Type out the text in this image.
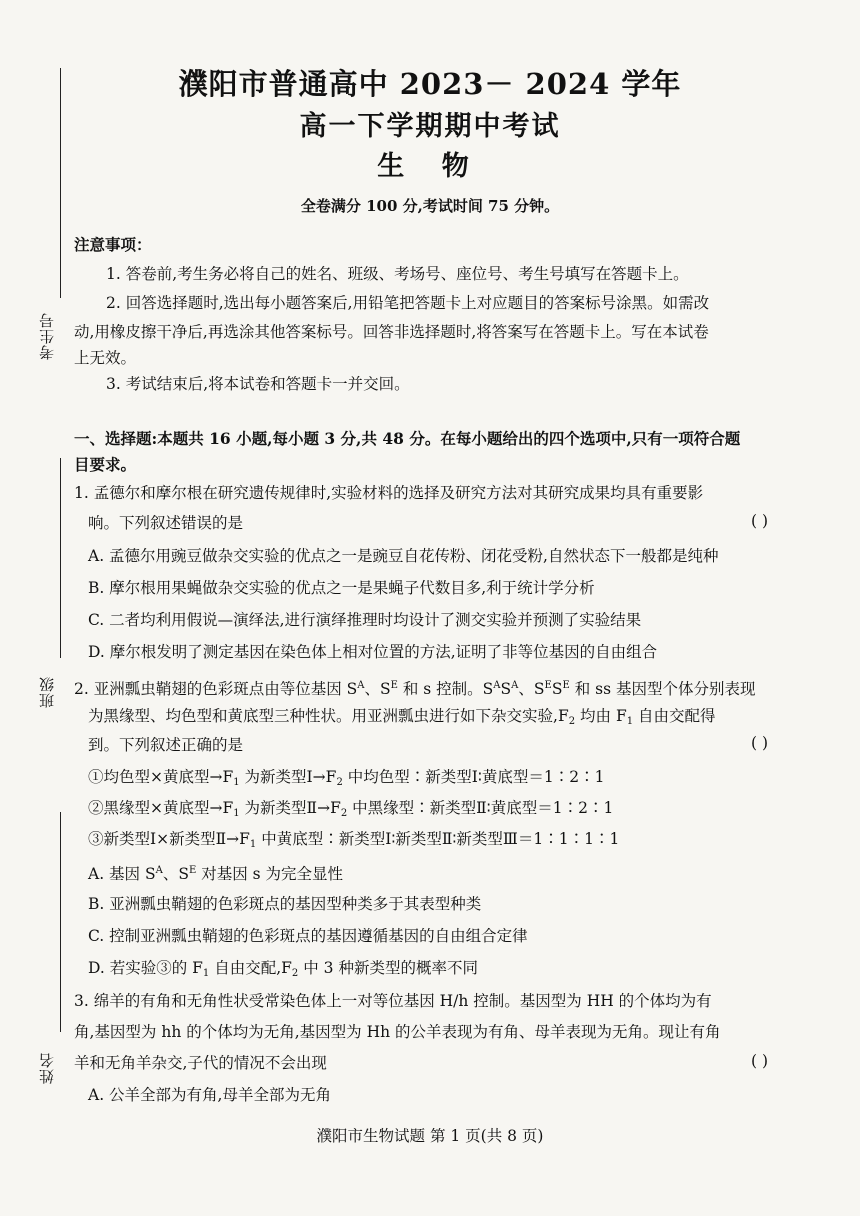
考生号
班级
姓名
濮阳市普通高中 2023－ 2024 学年
高一下学期期中考试
生 物
全卷满分 100 分,考试时间 75 分钟。
注意事项：
1. 答卷前,考生务必将自己的姓名、班级、考场号、座位号、考生号填写在答题卡上。
2. 回答选择题时,选出每小题答案后,用铅笔把答题卡上对应题目的答案标号涂黑。如需改
动,用橡皮擦干净后,再选涂其他答案标号。回答非选择题时,将答案写在答题卡上。写在本试卷
上无效。
3. 考试结束后,将本试卷和答题卡一并交回。
一、选择题:本题共 16 小题,每小题 3 分,共 48 分。在每小题给出的四个选项中,只有一项符合题
目要求。
1. 孟德尔和摩尔根在研究遗传规律时,实验材料的选择及研究方法对其研究成果均具有重要影
响。下列叙述错误的是	( )
A. 孟德尔用豌豆做杂交实验的优点之一是豌豆自花传粉、闭花受粉,自然状态下一般都是纯种
B. 摩尔根用果蝇做杂交实验的优点之一是果蝇子代数目多,利于统计学分析
C. 二者均利用假说—演绎法,进行演绎推理时均设计了测交实验并预测了实验结果
D. 摩尔根发明了测定基因在染色体上相对位置的方法,证明了非等位基因的自由组合
2. 亚洲瓢虫鞘翅的色彩斑点由等位基因 $S^A$、$S^E$ 和 s 控制。$S^AS^A$、$S^ES^E$ 和 ss 基因型个体分别表现
为黑缘型、均色型和黄底型三种性状。用亚洲瓢虫进行如下杂交实验$,F_2$ 均由 $F_1$ 自由交配得
到。下列叙述正确的是	( )
①均色型×黄底型$\to F_1$ 为新类型$Ⅰ\to F_2$ 中均色型∶新类型Ⅰ∶黄底型＝1∶2∶1
②黑缘型×黄底型$\to F_1$ 为新类型$Ⅱ\to F_2$ 中黑缘型∶新类型Ⅱ∶黄底型＝1∶2∶1
③新类型Ⅰ×新类型$Ⅱ\to F_1$ 中黄底型∶新类型Ⅰ∶新类型Ⅱ∶新类型Ⅲ＝1∶1∶1∶1
A. 基因 $S^A$、$S^E$ 对基因 s 为完全显性
B. 亚洲瓢虫鞘翅的色彩斑点的基因型种类多于其表型种类
C. 控制亚洲瓢虫鞘翅的色彩斑点的基因遵循基因的自由组合定律
D. 若实验③的 $F_1$ 自由交配$,F_2$ 中 3 种新类型的概率不同
3. 绵羊的有角和无角性状受常染色体上一对等位基因 H/h 控制。基因型为 HH 的个体均为有
角,基因型为 hh 的个体均为无角,基因型为 Hh 的公羊表现为有角、母羊表现为无角。现让有角
羊和无角羊杂交,子代的情况不会出现	( )
A. 公羊全部为有角,母羊全部为无角
濮阳市生物试题 第 1 页(共 8 页)
